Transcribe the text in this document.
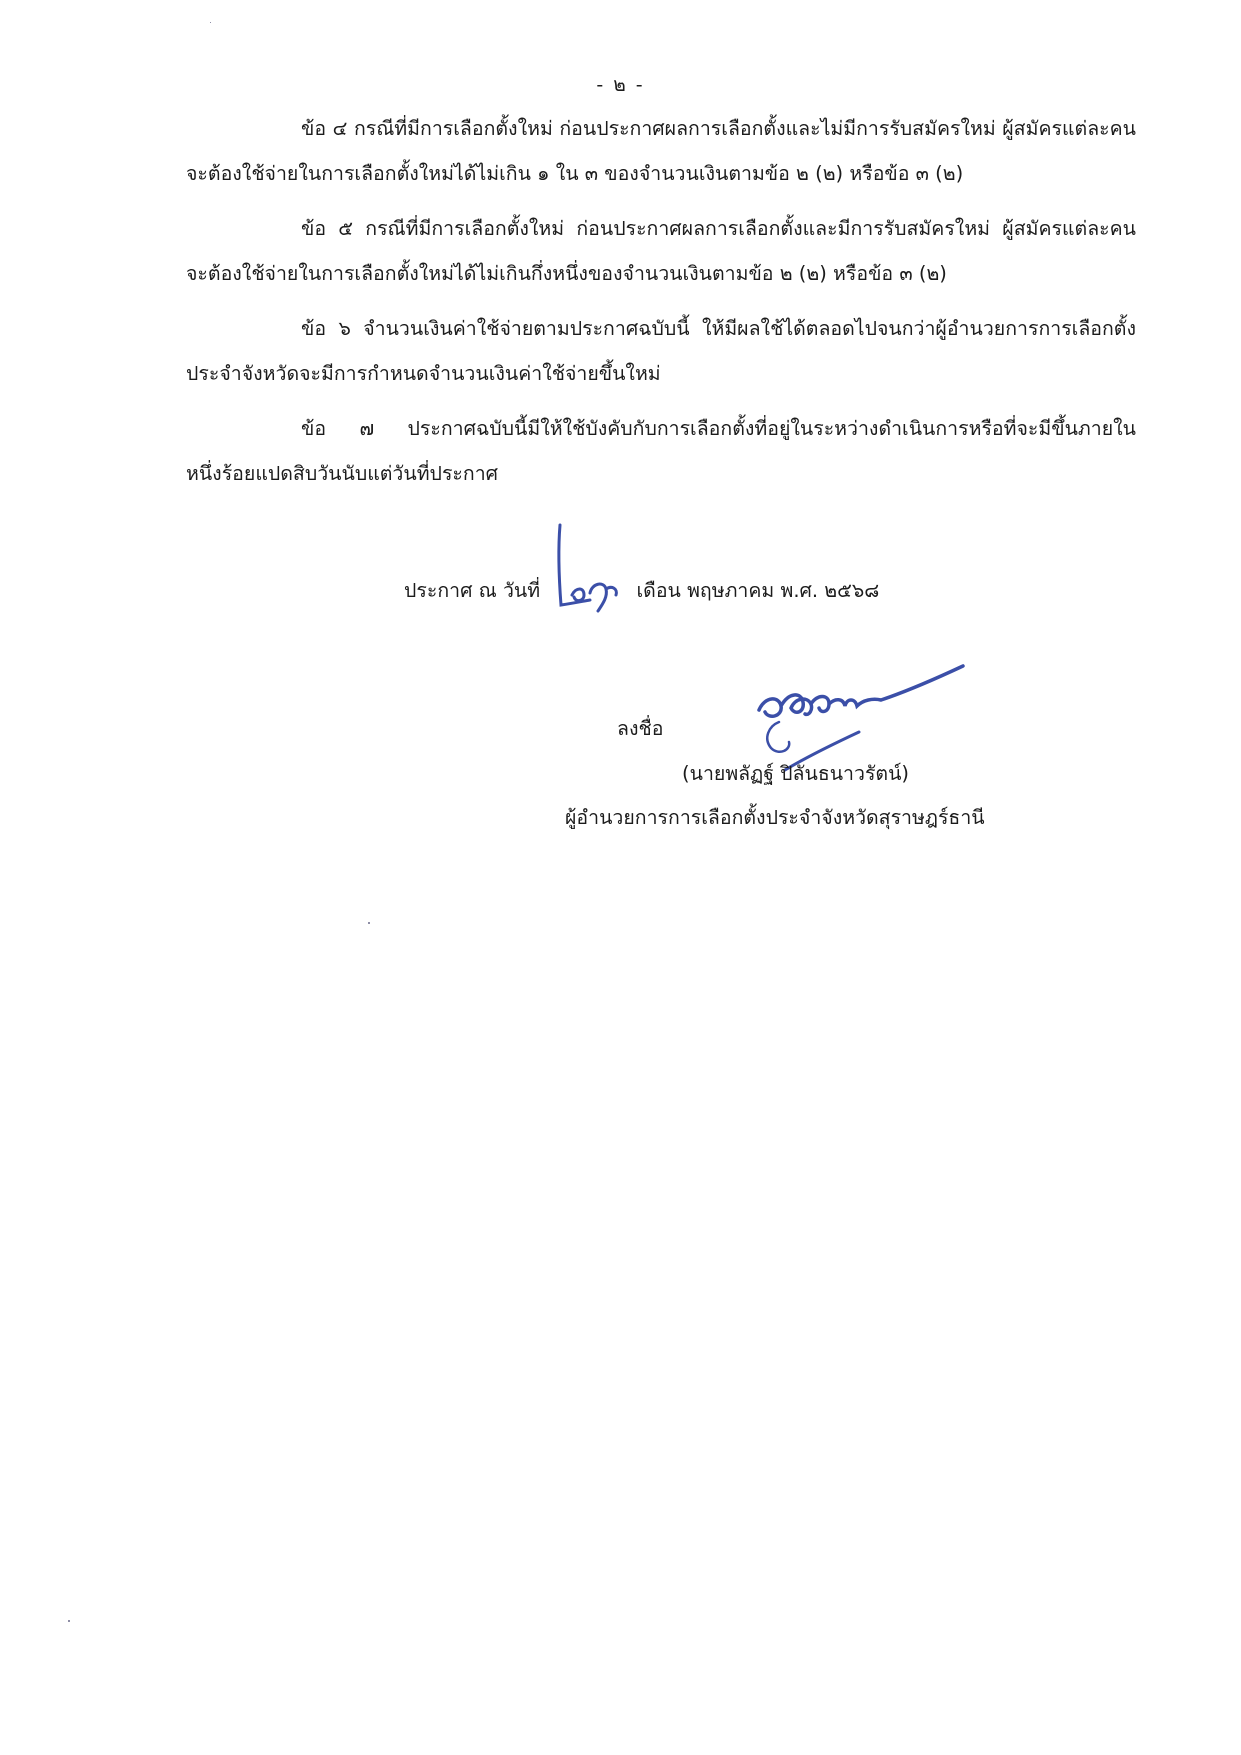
- ๒ -
ข้อ ๔ กรณีที่มีการเลือกตั้งใหม่ ก่อนประกาศผลการเลือกตั้งและไม่มีการรับสมัครใหม่ ผู้สมัครแต่ละคน
จะต้องใช้จ่ายในการเลือกตั้งใหม่ได้ไม่เกิน ๑ ใน ๓ ของจำนวนเงินตามข้อ ๒ (๒) หรือข้อ ๓ (๒)
ข้อ ๕ กรณีที่มีการเลือกตั้งใหม่ ก่อนประกาศผลการเลือกตั้งและมีการรับสมัครใหม่ ผู้สมัครแต่ละคน
จะต้องใช้จ่ายในการเลือกตั้งใหม่ได้ไม่เกินกึ่งหนึ่งของจำนวนเงินตามข้อ ๒ (๒) หรือข้อ ๓ (๒)
ข้อ ๖ จำนวนเงินค่าใช้จ่ายตามประกาศฉบับนี้ ให้มีผลใช้ได้ตลอดไปจนกว่าผู้อำนวยการการเลือกตั้ง
ประจำจังหวัดจะมีการกำหนดจำนวนเงินค่าใช้จ่ายขึ้นใหม่
ข้อ ๗ ประกาศฉบับนี้มีให้ใช้บังคับกับการเลือกตั้งที่อยู่ในระหว่างดำเนินการหรือที่จะมีขึ้นภายใน
หนึ่งร้อยแปดสิบวันนับแต่วันที่ประกาศ
ประกาศ ณ วันที่	เดือน พฤษภาคม พ.ศ. ๒๕๖๘
ลงชื่อ
(นายพลัฏฐ์ ปิลันธนาวรัตน์)
ผู้อำนวยการการเลือกตั้งประจำจังหวัดสุราษฎร์ธานี
